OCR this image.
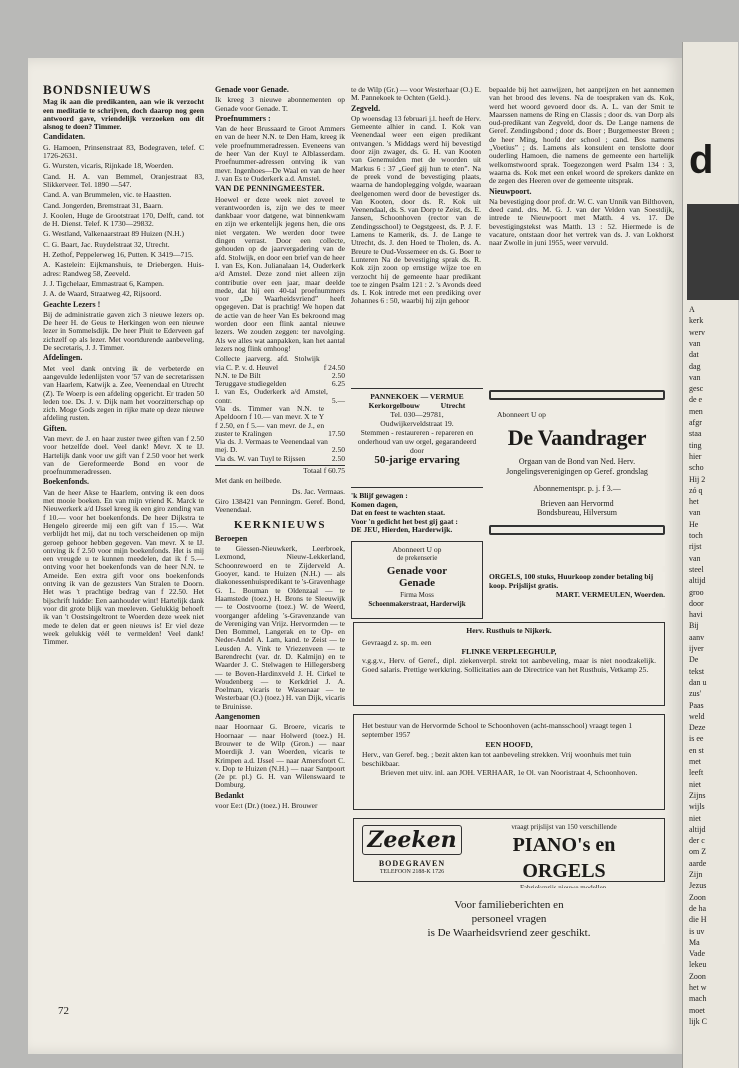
d
A
kerk
werv
van
dat
dag
van
gesc
de e
men
afgr
staa
ting
hier
scho
Hij 2
zó q
het
van
He
toch
rijst
van
steel
altijd
groo
door
havi
Bij
aanv
ijver
De
tekst
dan u
zus'
Paas
weld
Deze
is ee
en st
met
leeft
niet
Zijns
wijls
niet
altijd
der c
om Z
aarde
Zijn
Jezus
Zoon
de ha
die H
is uv
Ma
Vade
lekeu
Zoon
het w
mach
moet
lijk C
BONDSNIEUWS

Mag ik aan die predikanten, aan wie ik verzocht een meditatie te schrijven, doch daarop nog geen antwoord gave, vriendelijk verzoeken om dit alsnog te doen? Timmer.

Candidaten.

G. Hamoen, Prinsenstraat 83, Bodegraven, telef. C 1726-2631.

G. Wursten, vicaris, Rijnkade 18, Woerden.

Cand. H. A. van Bemmel, Oranjestraat 83, Slikkerveer. Tel. 1890 —547.

Cand. A. van Brummelen, vic. te Haastten.

Cand. Jongerden, Bremstraat 31, Baarn.

J. Koolen, Huge de Grootstraat 170, Delft, cand. tot de H. Dienst. Telef. K 1730—29832.

G. Westland, Valkenaarstraat 89 Huizen (N.H.)

C. G. Baart, Jac. Ruydelstraat 32, Utrecht.

H. Zethof, Peppelerweg 16, Putten. K 3419—715.

A. Kastelein: Eijkmanshuis, te Driebergen. Huis-adres: Randweg 58, Zeeveld.

J. J. Tigchelaar, Emmastraat 6, Kampen.

J. A. de Waard, Straatweg 42, Rijsoord.

Geachte Lezers !

Bij de administratie gaven zich 3 nieuwe lezers op. De heer H. de Geus te Herkingen won een nieuwe lezer in Sommelsdijk. De heer Pluit te Ederveen gaf zichzelf op als lezer. Met voortdurende aanbeveling, De secretaris, J. J. Timmer.

Afdelingen.

Met veel dank ontving ik de verbeterde en aangevulde ledenlijsten voor '57 van de secretarissen van Haarlem, Katwijk a. Zee, Veenendaal en Utrecht (Z). Te Woerp is een afdeling opgericht. Er traden 50 leden toe. Ds. J. v. Dijk nam het voorzitterschap op zich. Moge Gods zegen in rijke mate op deze nieuwe afdeling rusten.

Giften.

Van mevr. de J. en haar zuster twee giften van f 2.50 voor hetzelfde doel. Veel dank! Mevr. X te IJ. Hartelijk dank voor uw gift van f 2.50 voor het werk van de Gereformeerde Bond en voor de proefnummeradressen.

Boekenfonds.

Van de heer Akse te Haarlem, ontving ik een doos met mooie boeken. En van mijn vriend K. Marck te Nieuwerkerk a/d IJssel kreeg ik een giro zending van f 10.— voor het boekenfonds. De heer Dijkstra te Hengelo gireerde mij een gift van f 15.—. Wat verblijdt het mij, dat nu toch verscheidenen op mijn geroep gehoor hebben gegeven. Van mevr. X te IJ. ontving ik f 2.50 voor mijn boekenfonds. Het is mij een vreugde u te kunnen meedelen, dat ik f 5.— ontving voor het boekenfonds van de heer N.N. te Ameide. Een extra gift voor ons boekenfonds ontving ik van de gezusters Van Stralen te Doorn. Het was 't prachtige bedrag van f 22.50. Het bijschrift luidde: Een aanhouder wint! Hartelijk dank voor dit grote blijk van meeleven. Gelukkig behoeft ik van 't Oostsingeltront te Woerden deze week niet mede te delen dat er geen nieuws is! Er viel deze week gelukkig véél te vermelden! Veel dank! Timmer.

Genade voor Genade.

Ik kreeg 3 nieuwe abonnementen op Genade voor Genade. T.

Proefnummers :

Van de heer Brussaard te Groot Ammers en van de heer N.N. te Den Ham, kreeg ik vele proefnummeradressen. Eveneens van de heer Van der Kuyl te Alblasserdam. Proefnummer-adressen ontving ik van mevr. Ingenhoes—De Waal en van de heer J. van Es te Ouderkerk a.d. Amstel.

VAN DE PENNINGMEESTER.

Hoewel er deze week niet zoveel te verantwoorden is, zijn we des te meer dankbaar voor datgene, wat binnenkwam en zijn we erkentelijk jegens hen, die ons niet vergaten. We werden door twee dingen verrast. Door een collecte, gehouden op de jaarvergadering van de afd. Stolwijk, en door een brief van de heer I. van Es, Kon. Julianalaan 14, Ouderkerk a/d Amstel. Deze zond niet alleen zijn contributie over een jaar, maar deelde mede, dat hij een 40-tal proefnummers voor „De Waarheidsvriend” heeft opgegeven. Dat is prachtig! We hopen dat de actie van de heer Van Es bekroond mag worden door een flink aantal nieuwe lezers. We zouden zeggen: ter navolging. Als we alles wat aanpakken, kan het aantal lezers nog flink omhoog!

Collecte jaarverg. afd. Stolwijk via C. P. v. d. Heuvel	f 24.50
N.N. te De Bilt	2.50
Teruggave studiegelden	6.25
I. van Es, Ouderkerk a/d Amstel, contr.	5.—
Via ds. Timmer van N.N. te Apeldoorn f 10.— van mevr. X te Y f 2.50, en f 5.— van mevr. de J., en zuster te Kralingen	17.50
Via ds. J. Vermaas te Veenendaal van mej. D.	2.50
Via ds. W. van Tuyl te Rijssen	2.50

Totaal f 60.75

Met dank en heilbede.

Ds. Jac. Vermaas.

Giro 138421 van Penningm. Geref. Bond, Veenendaal.

KERKNIEUWS

Beroepen

te Giessen-Nieuwkerk, Leerbroek, Lexmond, Nieuw-Lekkerland, Schoonrewoerd en te Zijderveld A. Gooyer, kand. te Huizen (N.H.) — als diakonessenhuispredikant te 's-Gravenhage G. L. Bouman te Oldenzaal — te Haamstede (toez.) H. Brons te Sleeuwijk — te Oostvoorne (toez.) W. de Weerd, voorganger afdeling 's-Gravenzande van de Vereniging van Vrijz. Hervormden — te Den Bommel, Langerak en te Op- en Neder-Andel A. Lam, kand. te Zeist — te Leusden A. Vink te Vriezenveen — te Barendrecht (var. dr. D. Kalmijn) en te Waarder J. C. Stelwagen te Hillegersberg — te Boven-Hardinxveld J. H. Cirkel te Woudenberg — te Kerkdriel J. A. Poelman, vicaris te Wassenaar — te Westerbaar (O.) (toez.) H. van Dijk, vicaris te Bruinisse.

Aangenomen

naar Hoornaar G. Broere, vicaris te Hoornaar — naar Holwerd (toez.) H. Brouwer te de Wilp (Gron.) — naar Moerdijk J. van Woerden, vicaris te Krimpen a.d. IJssel — naar Amersfoort C. v. Dop te Huizen (N.H.) — naar Santpoort (2e pr. pl.) G. H. van Wilenswaard te Domburg.

Bedankt

voor Ee:t (Dr.) (toez.) H. Brouwer

te de Wilp (Gr.) — voor Westerhaar (O.) E. M. Pannekoek te Ochten (Geld.).

Zegveld.

Op woensdag 13 februari j.l. heeft de Herv. Gemeente alhier in cand. I. Kok van Veenendaal weer een eigen predikant ontvangen. 's Middags werd hij bevestigd door zijn zwager, ds. G. H. van Kooten van Genemuiden met de woorden uit Markus 6 : 37 „Geef gij hun te eten”. Na de preek vond de bevestiging plaats, waarna de handoplegging volgde, waaraan deelgenomen werd door de bevestiger ds. Van Kooten, door ds. R. Kok uit Veenendaal, ds. S. van Dorp te Zeist, ds. E. Jansen, Schoonhoven (rector van de Zendingsschool) te Oegstgeest, ds. P. J. F. Lamens te Kamerik, ds. J. de Lange te Utrecht, ds. J. den Hoed te Tholen, ds. A. Breure te Oud-Vossemeer en ds. G. Boer te Lunteren Na de bevestiging sprak ds. R. Kok zijn zoon op ernstige wijze toe en verzocht hij de gemeente haar predikant toe te zingen Psalm 121 : 2. 's Avonds deed ds. I. Kok intrede met een prediking over Johannes 6 : 50, waarbij hij zijn gehoor

bepaalde bij het aanwijzen, het aanprijzen en het aannemen van het brood des levens. Na de toespraken van ds. Kok, werd het woord gevoerd door ds. A. L. van der Smit te Maarssen namens de Ring en Classis ; door ds. van Dorp als oud-predikant van Zegveld, door ds. De Lange namens de Geref. Zendingsbond ; door ds. Boer ; Burgemeester Breen ; de heer Ming, hoofd der school ; cand. Bos namens „Voetius” ; ds. Lamens als konsulent en tenslotte door ouderling Hamoen, die namens de gemeente een hartelijk welkomstwoord sprak. Toegezongen werd Psalm 134 : 3, waarna ds. Kok met een enkel woord de sprekers dankte en de zegen des Heeren over de gemeente uitsprak.

Nieuwpoort.

Na bevestiging door prof. dr. W. C. van Unnik van Bilthoven, deed cand. drs. M. G. J. van der Velden van Soestdijk, intrede te Nieuwpoort met Matth. 4 vs. 17. De bevestigingstekst was Matth. 13 : 52. Hiermede is de vacature, ontstaan door het vertrek van ds. J. van Lokhorst naar Zwolle in juni 1955, weer vervuld.

PANNEKOEK — VERMUE
Kerkorgelbouw           Utrecht
Tel. 030—29781,
Oudwijkerveldstraat 19.
Stemmen - restaureren - repareren en onderhoud van uw orgel, gegarandeerd door
50-jarige ervaring
'k Blijf gewagen :
Komen dagen,
Dat en feest te wachten staat.
Voor 'n gedicht het best gij gaat :
DE JEU, Hierden, Harderwijk.
Abonneert U op
de prekenserie
Genade voor Genade
Firma Moss
Schoenmakerstraat, Harderwijk
Abonneert U op
De Vaandrager
Orgaan van de Bond van Ned. Herv. Jongelingsverenigingen op Geref. grondslag
Abonnementspr. p. j. f 3.—
Brieven aan Hervormd
Bondsbureau, Hilversum
ORGELS, 100 stuks, Huurkoop zonder betaling bij koop. Prijslijst gratis.
MART. VERMEULEN, Woerden.
Herv. Rusthuis te Nijkerk.
Gevraagd z. sp. m. een
FLINKE VERPLEEGHULP,
v.g.g.v., Herv. of Geref., dipl. ziekenverpl. strekt tot aanbeveling, maar is niet noodzakelijk. Goed salaris. Prettige werkkring. Sollicitaties aan de Directrice van het Rusthuis, Vetkamp 25.
Het bestuur van de Hervormde School te Schoonhoven (acht-mansschool) vraagt tegen 1 september 1957
EEN HOOFD,
Herv., van Geref. beg. ; bezit akten kan tot aanbeveling strekken. Vrij woonhuis met tuin beschikbaar.
Brieven met uitv. inl. aan JOH. VERHAAR, 1e Ol. van Nooristraat 4, Schoonhoven.
Zeeken
BODEGRAVEN
TELEFOON 2188-K 1726
vraagt prijslijst van 150 verschillende
PIANO's en ORGELS
Voor familieberichten en
personeel vragen
is De Waarheidsvriend zeer geschikt.
72
